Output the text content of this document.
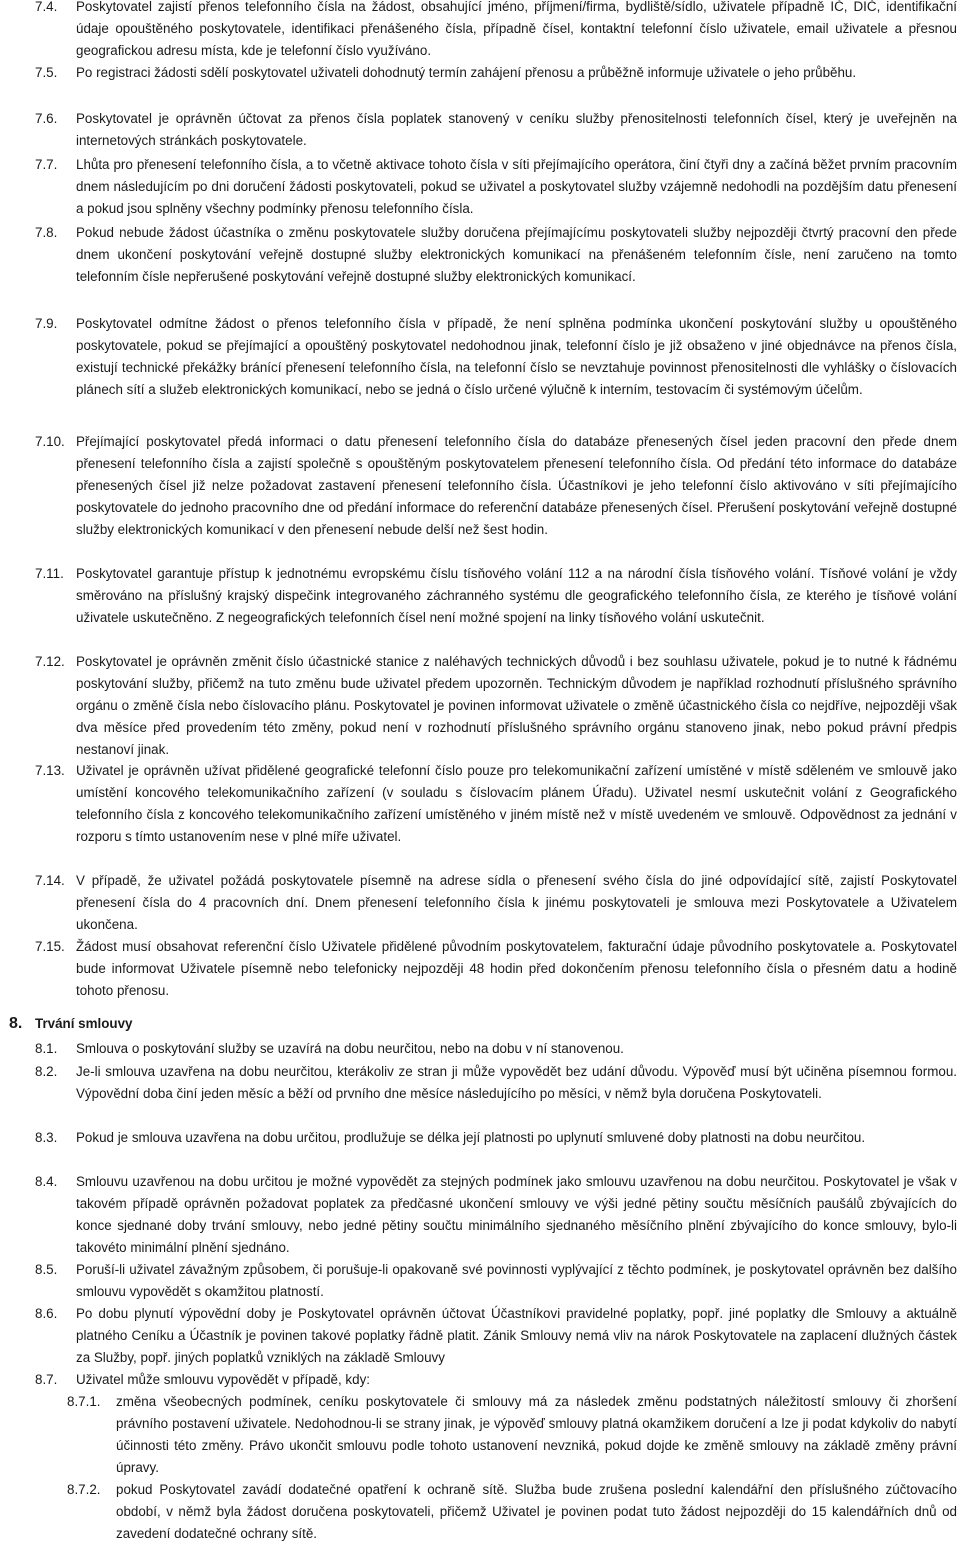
7.4. Poskytovatel zajistí přenos telefonního čísla na žádost, obsahující jméno, příjmení/firma, bydliště/sídlo, uživatele případně IČ, DIČ, identifikační údaje opouštěného poskytovatele, identifikaci přenášeného čísla, případně čísel, kontaktní telefonní číslo uživatele, email uživatele a přesnou geografickou adresu místa, kde je telefonní číslo využíváno.
7.5. Po registraci žádosti sdělí poskytovatel uživateli dohodnutý termín zahájení přenosu a průběžně informuje uživatele o jeho průběhu.
7.6. Poskytovatel je oprávněn účtovat za přenos čísla poplatek stanovený v ceníku služby přenositelnosti telefonních čísel, který je uveřejněn na internetových stránkách poskytovatele.
7.7. Lhůta pro přenesení telefonního čísla, a to včetně aktivace tohoto čísla v síti přejímajícího operátora, činí čtyři dny a začíná běžet prvním pracovním dnem následujícím po dni doručení žádosti poskytovateli, pokud se uživatel a poskytovatel služby vzájemně nedohodli na pozdějším datu přenesení a pokud jsou splněny všechny podmínky přenosu telefonního čísla.
7.8. Pokud nebude žádost účastníka o změnu poskytovatele služby doručena přejímajícímu poskytovateli služby nejpozději čtvrtý pracovní den přede dnem ukončení poskytování veřejně dostupné služby elektronických komunikací na přenášeném telefonním čísle, není zaručeno na tomto telefonním čísle nepřerušené poskytování veřejně dostupné služby elektronických komunikací.
7.9. Poskytovatel odmítne žádost o přenos telefonního čísla v případě, že není splněna podmínka ukončení poskytování služby u opouštěného poskytovatele, pokud se přejímající a opouštěný poskytovatel nedohodnou jinak, telefonní číslo je již obsaženo v jiné objednávce na přenos čísla, existují technické překážky bránící přenesení telefonního čísla, na telefonní číslo se nevztahuje povinnost přenositelnosti dle vyhlášky o číslovacích plánech sítí a služeb elektronických komunikací, nebo se jedná o číslo určené výlučně k interním, testovacím či systémovým účelům.
7.10. Přejímající poskytovatel předá informaci o datu přenesení telefonního čísla do databáze přenesených čísel jeden pracovní den přede dnem přenesení telefonního čísla a zajistí společně s opouštěným poskytovatelem přenesení telefonního čísla. Od předání této informace do databáze přenesených čísel již nelze požadovat zastavení přenesení telefonního čísla. Účastníkovi je jeho telefonní číslo aktivováno v síti přejímajícího poskytovatele do jednoho pracovního dne od předání informace do referenční databáze přenesených čísel. Přerušení poskytování veřejně dostupné služby elektronických komunikací v den přenesení nebude delší než šest hodin.
7.11. Poskytovatel garantuje přístup k jednotnému evropskému číslu tísňového volání 112 a na národní čísla tísňového volání. Tísňové volání je vždy směrováno na příslušný krajský dispečink integrovaného záchranného systému dle geografického telefonního čísla, ze kterého je tísňové volání uživatele uskutečněno. Z negeografických telefonních čísel není možné spojení na linky tísňového volání uskutečnit.
7.12. Poskytovatel je oprávněn změnit číslo účastnické stanice z naléhavých technických důvodů i bez souhlasu uživatele, pokud je to nutné k řádnému poskytování služby, přičemž na tuto změnu bude uživatel předem upozorněn. Technickým důvodem je například rozhodnutí příslušného správního orgánu o změně čísla nebo číslovacího plánu. Poskytovatel je povinen informovat uživatele o změně účastnického čísla co nejdříve, nejpozději však dva měsíce před provedením této změny, pokud není v rozhodnutí příslušného správního orgánu stanoveno jinak, nebo pokud právní předpis nestanoví jinak.
7.13. Uživatel je oprávněn užívat přidělené geografické telefonní číslo pouze pro telekomunikační zařízení umístěné v místě sděleném ve smlouvě jako umístění koncového telekomunikačního zařízení (v souladu s číslovacím plánem Úřadu). Uživatel nesmí uskutečnit volání z Geografického telefonního čísla z koncového telekomunikačního zařízení umístěného v jiném místě než v místě uvedeném ve smlouvě. Odpovědnost za jednání v rozporu s tímto ustanovením nese v plné míře uživatel.
7.14. V případě, že uživatel požádá poskytovatele písemně na adrese sídla o přenesení svého čísla do jiné odpovídající sítě, zajistí Poskytovatel přenesení čísla do 4 pracovních dní. Dnem přenesení telefonního čísla k jinému poskytovateli je smlouva mezi Poskytovatele a Uživatelem ukončena.
7.15. Žádost musí obsahovat referenční číslo Uživatele přidělené původním poskytovatelem, fakturační údaje původního poskytovatele a. Poskytovatel bude informovat Uživatele písemně nebo telefonicky nejpozději 48 hodin před dokončením přenosu telefonního čísla o přesném datu a hodině tohoto přenosu.
8. Trvání smlouvy
8.1. Smlouva o poskytování služby se uzavírá na dobu neurčitou, nebo na dobu v ní stanovenou.
8.2. Je-li smlouva uzavřena na dobu neurčitou, kterákoliv ze stran ji může vypovědět bez udání důvodu. Výpověď musí být učiněna písemnou formou. Výpovědní doba činí jeden měsíc a běží od prvního dne měsíce následujícího po měsíci, v němž byla doručena Poskytovateli.
8.3. Pokud je smlouva uzavřena na dobu určitou, prodlužuje se délka její platnosti po uplynutí smluvené doby platnosti na dobu neurčitou.
8.4. Smlouvu uzavřenou na dobu určitou je možné vypovědět za stejných podmínek jako smlouvu uzavřenou na dobu neurčitou. Poskytovatel je však v takovém případě oprávněn požadovat poplatek za předčasné ukončení smlouvy ve výši jedné pětiny součtu měsíčních paušálů zbývajících do konce sjednané doby trvání smlouvy, nebo jedné pětiny součtu minimálního sjednaného měsíčního plnění zbývajícího do konce smlouvy, bylo-li takovéto minimální plnění sjednáno.
8.5. Poruší-li uživatel závažným způsobem, či porušuje-li opakovaně své povinnosti vyplývající z těchto podmínek, je poskytovatel oprávněn bez dalšího smlouvu vypovědět s okamžitou platností.
8.6. Po dobu plynutí výpovědní doby je Poskytovatel oprávněn účtovat Účastníkovi pravidelné poplatky, popř. jiné poplatky dle Smlouvy a aktuálně platného Ceníku a Účastník je povinen takové poplatky řádně platit. Zánik Smlouvy nemá vliv na nárok Poskytovatele na zaplacení dlužných částek za Služby, popř. jiných poplatků vzniklých na základě Smlouvy
8.7. Uživatel může smlouvu vypovědět v případě, kdy:
8.7.1. změna všeobecných podmínek, ceníku poskytovatele či smlouvy má za následek změnu podstatných náležitostí smlouvy či zhoršení právního postavení uživatele. Nedohodnou-li se strany jinak, je výpověď smlouvy platná okamžikem doručení a lze ji podat kdykoliv do nabytí účinnosti této změny. Právo ukončit smlouvu podle tohoto ustanovení nevzniká, pokud dojde ke změně smlouvy na základě změny právní úpravy.
8.7.2. pokud Poskytovatel zavádí dodatečné opatření k ochraně sítě. Služba bude zrušena poslední kalendářní den příslušného zúčtovacího období, v němž byla žádost doručena poskytovateli, přičemž Uživatel je povinen podat tuto žádost nejpozději do 15 kalendářních dnů od zavedení dodatečné ochrany sítě.
